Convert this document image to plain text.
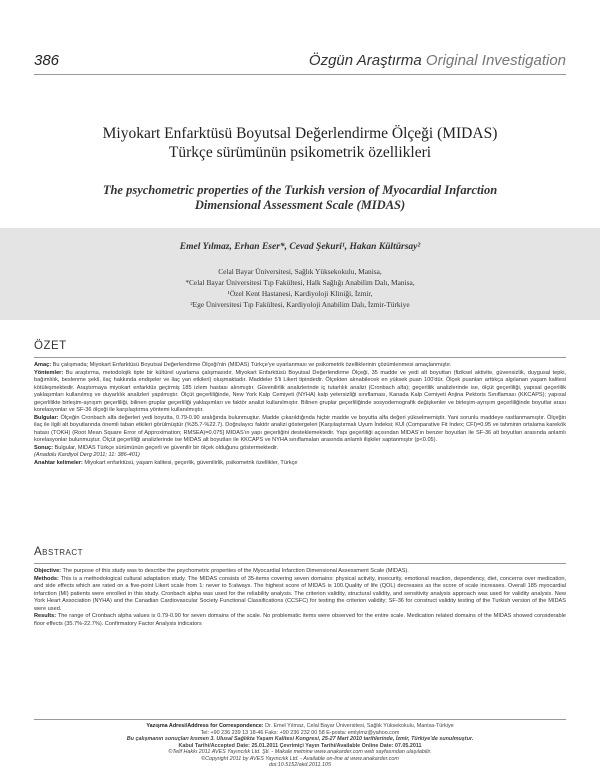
386	Özgün Araştırma Original Investigation
Miyokart Enfarktüsü Boyutsal Değerlendirme Ölçeği (MIDAS)
Türkçe sürümünün psikometrik özellikleri
The psychometric properties of the Turkish version of Myocardial Infarction
Dimensional Assessment Scale (MIDAS)
Emel Yılmaz, Erhan Eser*, Cevad Şekuri¹, Hakan Kültürsay²
Celal Bayar Üniversitesi, Sağlık Yüksekokulu, Manisa,
*Celal Bayar Üniversitesi Tıp Fakültesi, Halk Sağlığı Anabilim Dalı, Manisa,
¹Özel Kent Hastanesi, Kardiyoloji Kliniği, İzmir,
²Ege Üniversitesi Tıp Fakültesi, Kardiyoloji Anabilim Dalı, İzmir-Türkiye
ÖZET

Amaç: Bu çalışmada; Miyokart Enfarktüsü Boyutsal Değerlendirme Ölçeği'nin (MIDAS) Türkçe'ye uyarlanması ve psikometrik özelliklerinin çözümlenmesi amaçlanmıştır.

Yöntemler: Bu araştırma, metodolojik tipte bir kültürel uyarlama çalışmasıdır. Miyokart Enfarktüsü Boyutsal Değerlendirme Ölçeği, 35 madde ve yedi alt boyuttan (fiziksel aktivite, güvensizlik, duygusal tepki, bağımlılık, beslenme şekli, ilaç hakkında endişeler ve ilaç yan etkileri) oluşmaktadır. Maddeler 5'li Likert tipindedir. Ölçekten alınabilecek en yüksek puan 100'dür. Ölçek puanları arttıkça algılanan yaşam kalitesi kötüleşmektedir. Araştırmaya miyokart enfarktüs geçirmiş 185 izlem hastası alınmıştır. Güvenilirlik analizlerinde iç tutarlılık analizi (Cronbach alfa); geçerlilik analizlerinde ise, ölçüt geçerliliği, yapısal geçerlilik yaklaşımları kullanılmış ve duyarlılık analizleri yapılmıştır. Ölçüt geçerliliğinde, New York Kalp Cemiyeti (NYHA) kalp yetersizliği sınıflaması, Kanada Kalp Cemiyeti Anjina Pektoris Sınıflaması (KKCAPS); yapısal geçerlilikte birleşim-ayrışım geçerliliği, bilinen gruplar geçerliliği yaklaşımları ve faktör analizi kullanılmıştır. Bilinen gruplar geçerliliğinde sosyodemografik değişkenler ve birleşim-ayrışım geçerliliğinde boyutlar arası korelasyonlar ve SF-36 ölçeği ile karşılaştırma yöntemi kullanılmıştır.

Bulgular: Ölçeğin Cronbach alfa değerleri yedi boyutta, 0.79-0.90 aralığında bulunmuştur. Madde çıkarıldığında hiçbir madde ve boyutta alfa değeri yükselmemiştir. Yani sorunlu maddeye rastlanmamıştır. Ölçeğin ilaç ile ilgili alt boyutlarında önemli taban etkileri görülmüştür (%35.7-%22.7). Doğrulayıcı faktör analizi göstergeleri [Karşılaştırmalı Uyum İndeksi; KUİ (Comparative Fit Index; CFI)=0.95 ve tahminin ortalama karekök hatası (TOKH) (Root Mean Square Error of Approximation; RMSEA)=0.075] MIDAS'ın yapı geçerliğini desteklemektedir. Yapı geçerliliği açısından MIDAS'ın benzer boyutları ile SF-36 alt boyutları arasında anlamlı korelasyonlar bulunmuştur. Ölçüt geçerliliği analizlerinde ise MIDAS alt boyutları ile KKCAPS ve NYHA sınıflamaları arasında anlamlı ilişkiler saptanmıştır (p<0.05).

Sonuç: Bulgular, MIDAS Türkçe sürümünün geçerli ve güvenilir bir ölçek olduğunu göstermektedir.

(Anadolu Kardiyol Derg 2011; 11: 386-401)

Anahtar kelimeler: Miyokart enfarktüsü, yaşam kalitesi, geçerlik, güvenilirlik, psikometrik özellikler, Türkçe

Abstract

Objective: The purpose of this study was to describe the psychometric properties of the Myocardial Infarction Dimensional Assessment Scale (MIDAS).

Methods: This is a methodological cultural adaptation study. The MIDAS consists of 35-items covering seven domains: physical activity, insecurity, emotional reaction, dependency, diet, concerns over medication, and side effects which are rated on a five-point Likert scale from 1: never to 5:always. The highest score of MIDAS is 100.Quality of life (QOL) decreases as the score of scale increases. Overall 185 myocardial infarction (MI) patients were enrolled in this study. Cronbach alpha was used for the reliability analysis. The criterion validity, structural validity, and sensitivity analysis approach was used for validity analysis. New York Heart Association (NYHA) and the Canadian Cardiovascular Society Functional Classifications (CCSFC) for testing the criterion validity; SF-36 for construct validity testing of the Turkish version of the MIDAS were used.

Results: The range of Cronbach alpha values is 0.79-0.90 for seven domains of the scale. No problematic items were observed for the entire scale. Medication related domains of the MIDAS showed considerable floor effects (35.7%-22.7%). Confirmatory Factor Analysis indicators

Yazışma Adresi/Address for Correspondence: Dr. Emel Yılmaz, Celal Bayar Üniversitesi, Sağlık Yüksekokulu, Manisa-Türkiye

Tel: +90 236 239 13 18-46 Faks: +90 236 232 00 58 E-posta: emlylmz@yahoo.com

Bu çalışmanın sonuçları kısmen 3. Ulusal Sağlıkta Yaşam Kalitesi Kongresi, 25-27 Mart 2010 tarihlerinde, İzmir, Türkiye'de sunulmuştur.

Kabul Tarihi/Accepted Date: 25.01.2011 Çevrimiçi Yayın Tarihi/Available Online Date: 07.05.2011

©Telif Hakkı 2011 AVES Yayıncılık Ltd. Şti. - Makale metnine www.anakarder.com web sayfasından ulaşılabilir.

©Copyright 2011 by AVES Yayıncılık Ltd. - Available on-line at www.anakarder.com

doi:10.5152/akd.2011.105
